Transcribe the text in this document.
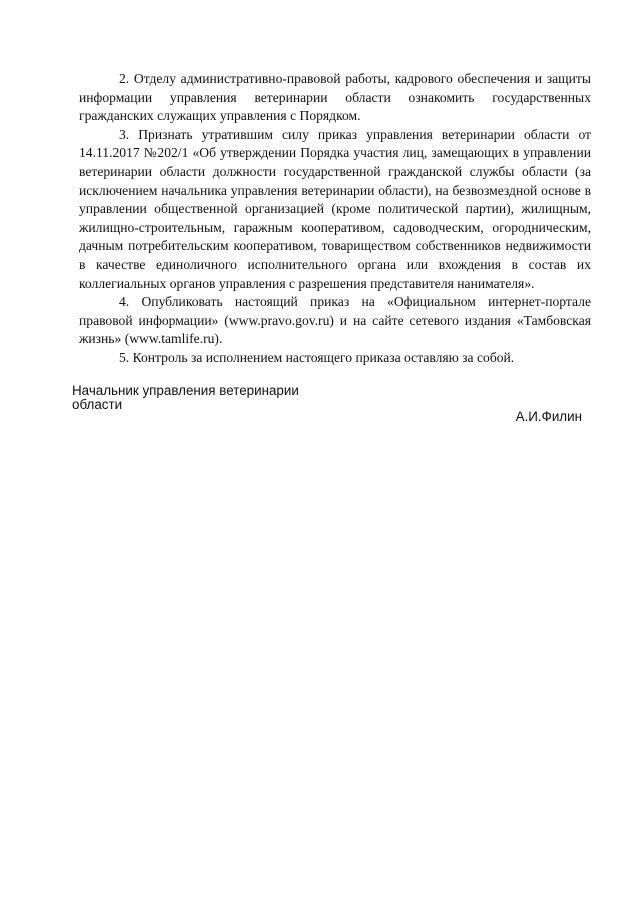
2. Отделу административно-правовой работы, кадрового обеспечения и защиты информации управления ветеринарии области ознакомить государственных гражданских служащих управления с Порядком.

3. Признать утратившим силу приказ управления ветеринарии области от 14.11.2017 №202/1 «Об утверждении Порядка участия лиц, замещающих в управлении ветеринарии области должности государственной гражданской службы области (за исключением начальника управления ветеринарии области), на безвозмездной основе в управлении общественной организацией (кроме политической партии), жилищным, жилищно-строительным, гаражным кооперативом, садоводческим, огородническим, дачным потребительским кооперативом, товариществом собственников недвижимости в качестве единоличного исполнительного органа или вхождения в состав их коллегиальных органов управления с разрешения представителя нанимателя».

4. Опубликовать настоящий приказ на «Официальном интернет-портале правовой информации» (www.pravo.gov.ru) и на сайте сетевого издания «Тамбовская жизнь» (www.tamlife.ru).

5. Контроль за исполнением настоящего приказа оставляю за собой.

Начальник управления ветеринарии
области
А.И.Филин
